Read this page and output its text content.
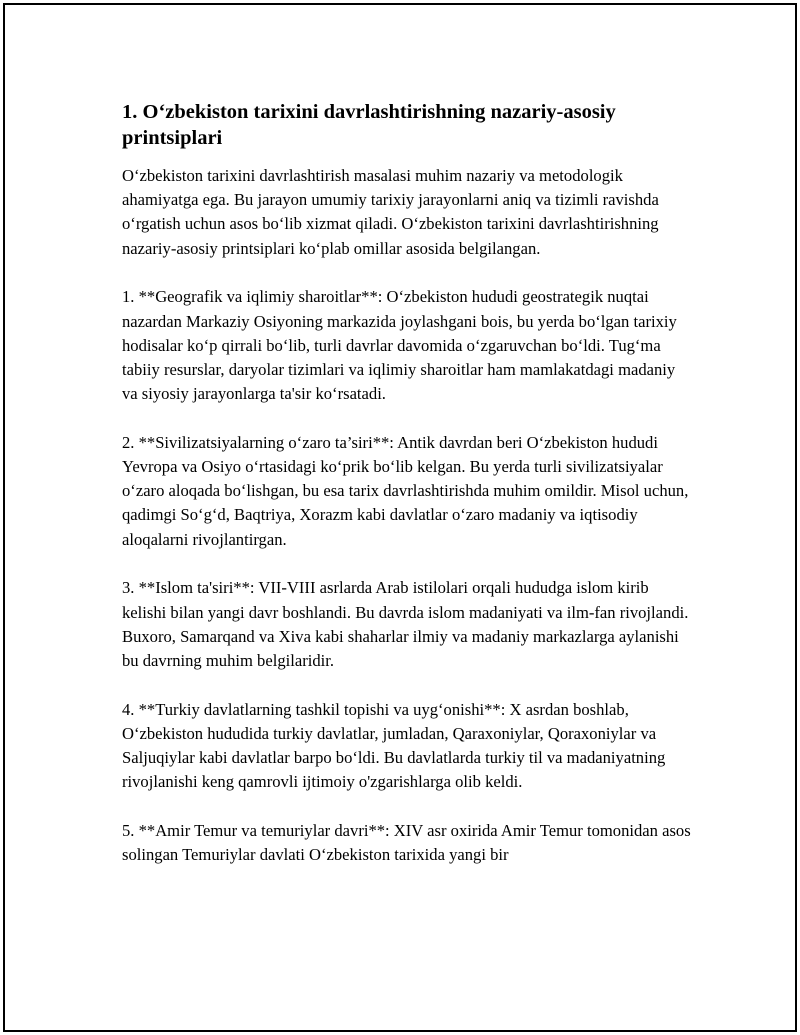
1. O‘zbekiston tarixini davrlashtirishning nazariy-asosiy printsiplari

O‘zbekiston tarixini davrlashtirish masalasi muhim nazariy va metodologik ahamiyatga ega. Bu jarayon umumiy tarixiy jarayonlarni aniq va tizimli ravishda o‘rgatish uchun asos bo‘lib xizmat qiladi. O‘zbekiston tarixini davrlashtirishning nazariy-asosiy printsiplari ko‘plab omillar asosida belgilangan.

1. **Geografik va iqlimiy sharoitlar**: O‘zbekiston hududi geostrategik nuqtai nazardan Markaziy Osiyoning markazida joylashgani bois, bu yerda bo‘lgan tarixiy hodisalar ko‘p qirrali bo‘lib, turli davrlar davomida o‘zgaruvchan bo‘ldi. Tug‘ma tabiiy resurslar, daryolar tizimlari va iqlimiy sharoitlar ham mamlakatdagi madaniy va siyosiy jarayonlarga ta'sir ko‘rsatadi.

2. **Sivilizatsiyalarning o‘zaro ta’siri**: Antik davrdan beri O‘zbekiston hududi Yevropa va Osiyo o‘rtasidagi ko‘prik bo‘lib kelgan. Bu yerda turli sivilizatsiyalar o‘zaro aloqada bo‘lishgan, bu esa tarix davrlashtirishda muhim omildir. Misol uchun, qadimgi So‘g‘d, Baqtriya, Xorazm kabi davlatlar o‘zaro madaniy va iqtisodiy aloqalarni rivojlantirgan.

3. **Islom ta'siri**: VII-VIII asrlarda Arab istilolari orqali hududga islom kirib kelishi bilan yangi davr boshlandi. Bu davrda islom madaniyati va ilm-fan rivojlandi. Buxoro, Samarqand va Xiva kabi shaharlar ilmiy va madaniy markazlarga aylanishi bu davrning muhim belgilaridir.

4. **Turkiy davlatlarning tashkil topishi va uyg‘onishi**: X asrdan boshlab, O‘zbekiston hududida turkiy davlatlar, jumladan, Qaraxoniylar, Qoraxoniylar va Saljuqiylar kabi davlatlar barpo bo‘ldi. Bu davlatlarda turkiy til va madaniyatning rivojlanishi keng qamrovli ijtimoiy o'zgarishlarga olib keldi.

5. **Amir Temur va temuriylar davri**: XIV asr oxirida Amir Temur tomonidan asos solingan Temuriylar davlati O‘zbekiston tarixida yangi bir
